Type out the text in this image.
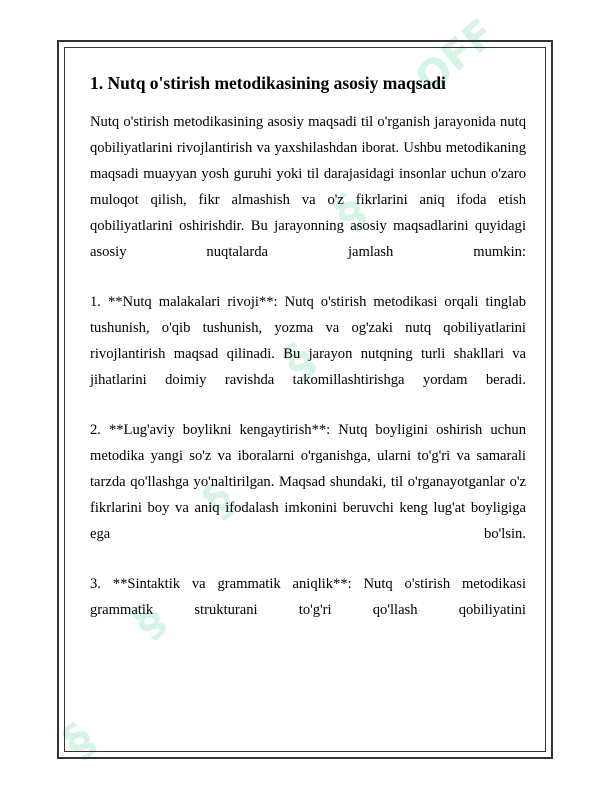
OFF
§
§
§
§
§
1. Nutq o'stirish metodikasining asosiy maqsadi

Nutq o'stirish metodikasining asosiy maqsadi til o'rganish jarayonida nutq qobiliyatlarini rivojlantirish va yaxshilashdan iborat. Ushbu metodikaning maqsadi muayyan yosh guruhi yoki til darajasidagi insonlar uchun o'zaro muloqot qilish, fikr almashish va o'z fikrlarini aniq ifoda etish qobiliyatlarini oshirishdir. Bu jarayonning asosiy maqsadlarini quyidagi asosiy nuqtalarda jamlash mumkin:

1. **Nutq malakalari rivoji**: Nutq o'stirish metodikasi orqali tinglab tushunish, o'qib tushunish, yozma va og'zaki nutq qobiliyatlarini rivojlantirish maqsad qilinadi. Bu jarayon nutqning turli shakllari va jihatlarini doimiy ravishda takomillashtirishga yordam beradi.

2. **Lug'aviy boylikni kengaytirish**: Nutq boyligini oshirish uchun metodika yangi so'z va iboralarni o'rganishga, ularni to'g'ri va samarali tarzda qo'llashga yo'naltirilgan. Maqsad shundaki, til o'rganayotganlar o'z fikrlarini boy va aniq ifodalash imkonini beruvchi keng lug'at boyligiga ega bo'lsin.

3. **Sintaktik va grammatik aniqlik**: Nutq o'stirish metodikasi grammatik strukturani to'g'ri qo'llash qobiliyatini
